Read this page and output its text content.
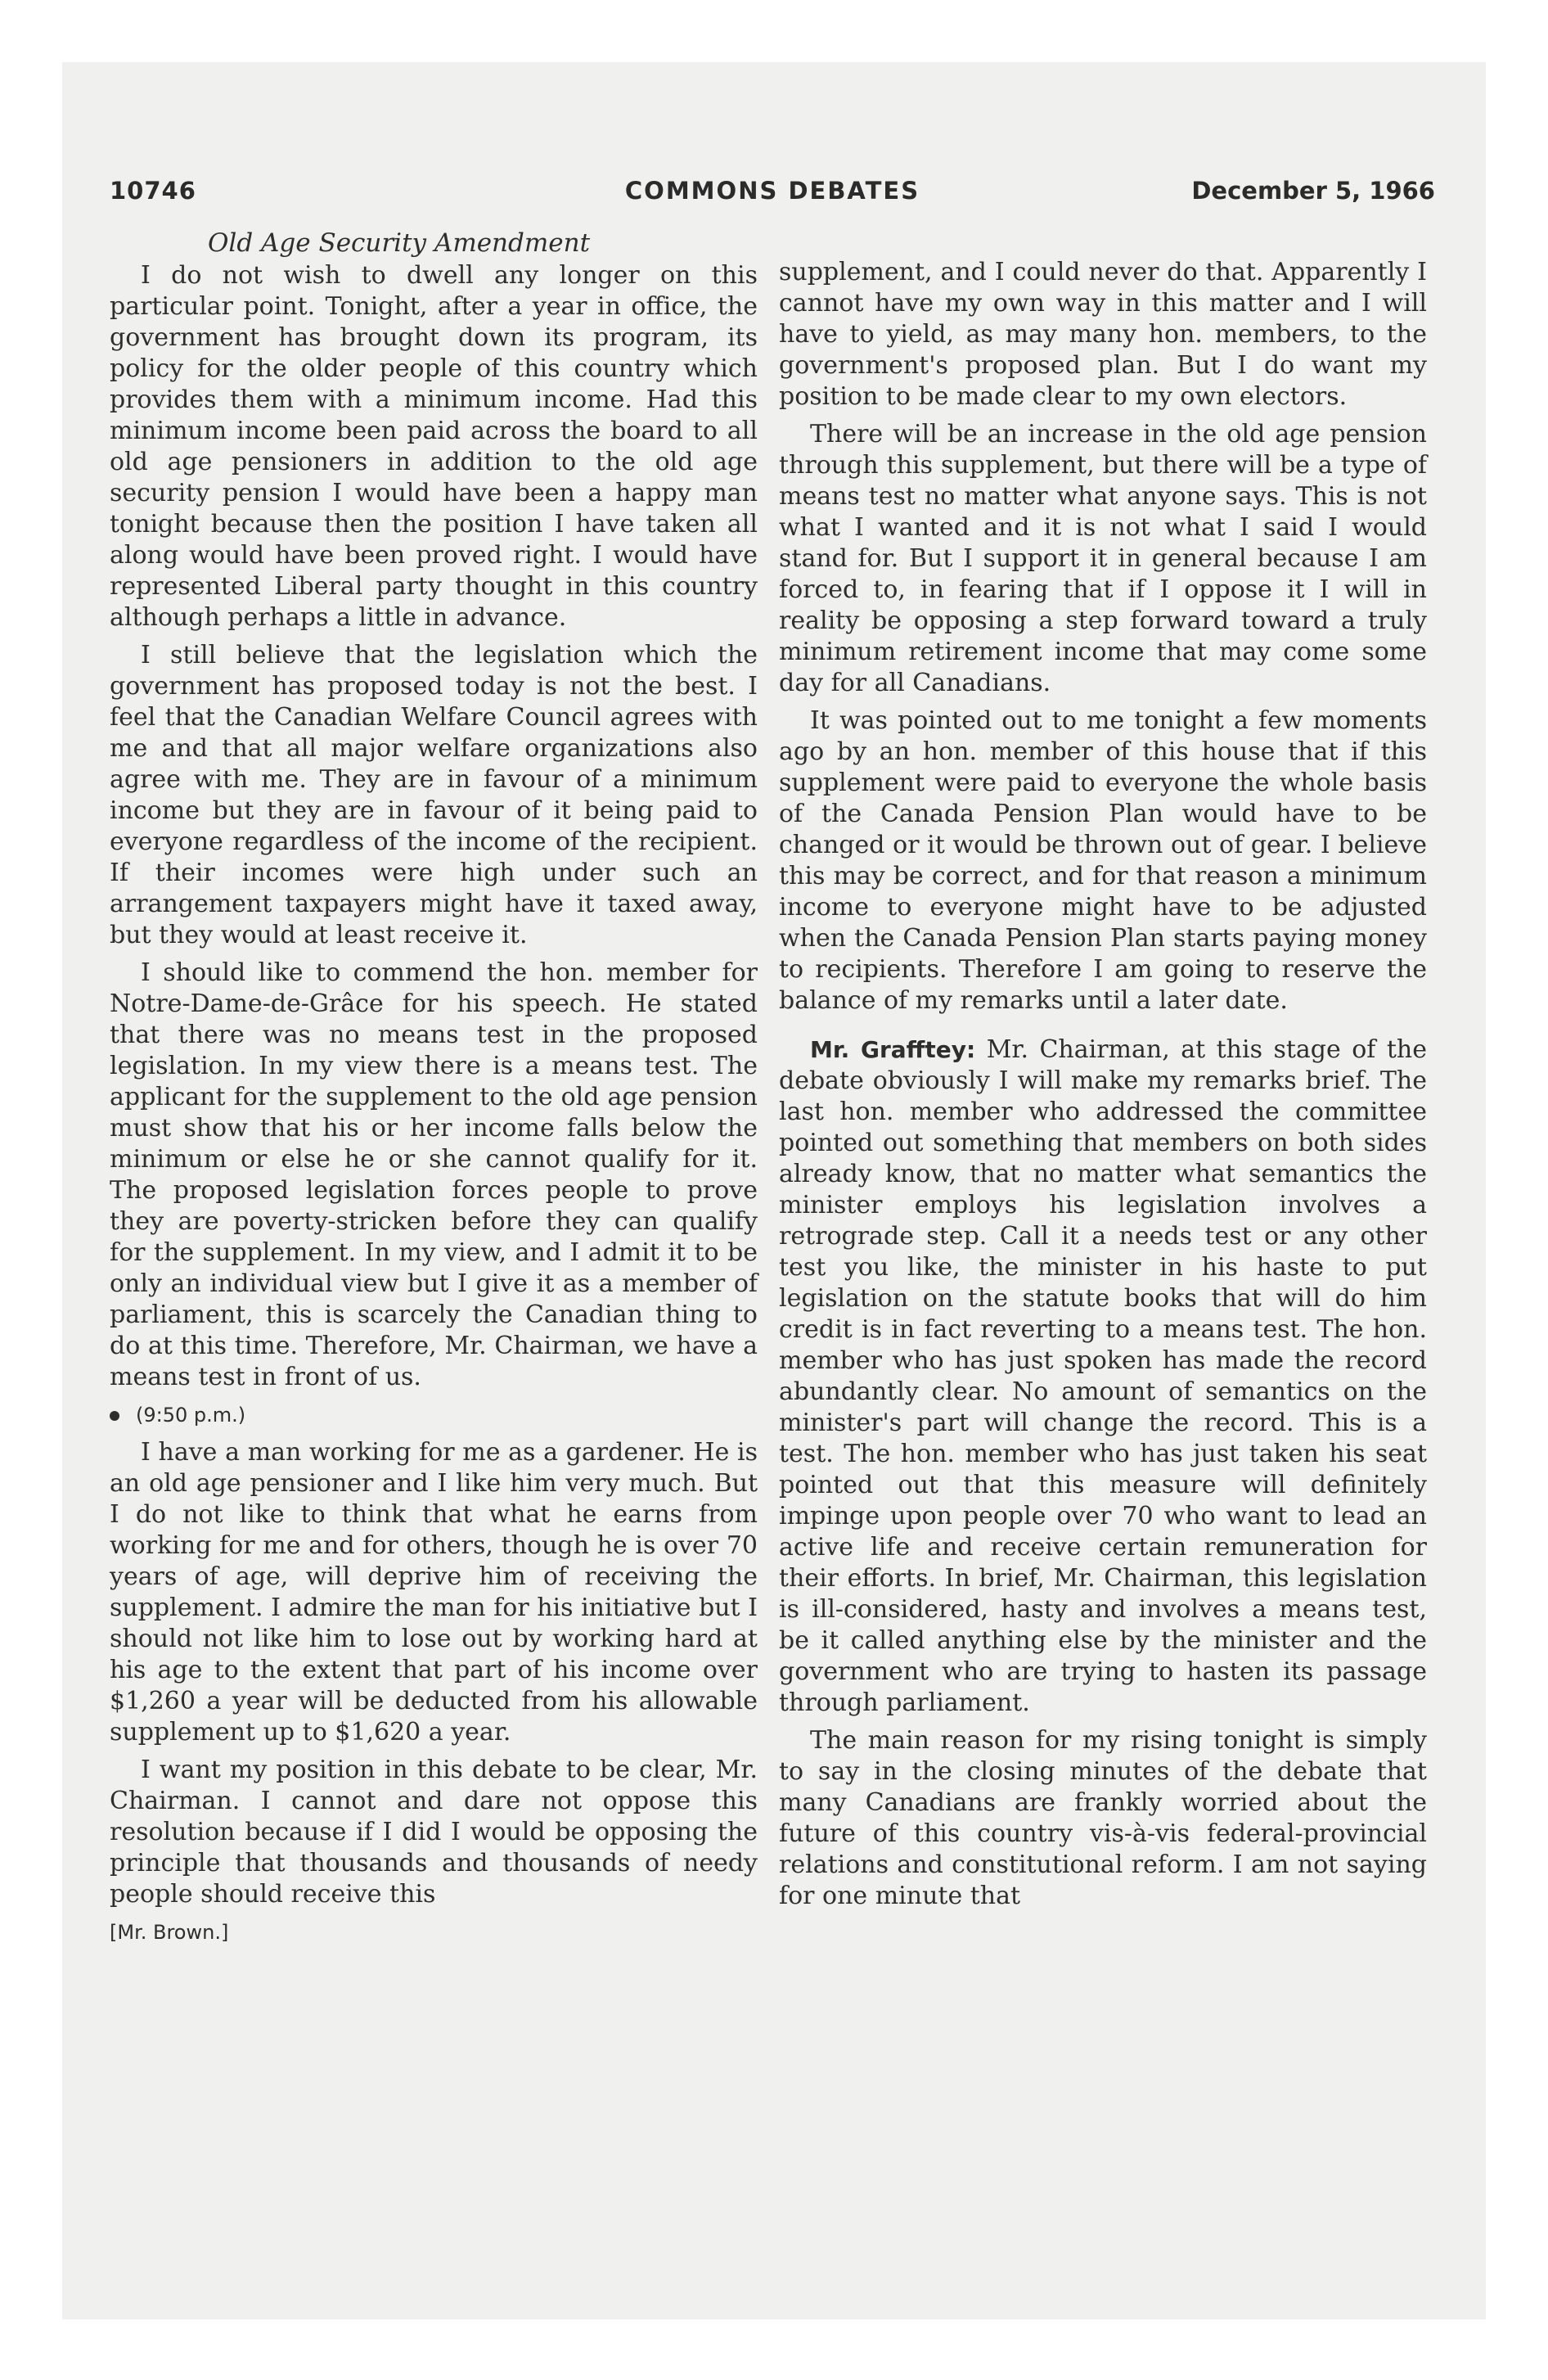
10746	COMMONS DEBATES	December 5, 1966
Old Age Security Amendment

I do not wish to dwell any longer on this particular point. Tonight, after a year in office, the government has brought down its program, its policy for the older people of this country which provides them with a minimum income. Had this minimum income been paid across the board to all old age pensioners in addition to the old age security pension I would have been a happy man tonight because then the position I have taken all along would have been proved right. I would have represented Liberal party thought in this country although perhaps a little in advance.

I still believe that the legislation which the government has proposed today is not the best. I feel that the Canadian Welfare Council agrees with me and that all major welfare organizations also agree with me. They are in favour of a minimum income but they are in favour of it being paid to everyone regardless of the income of the recipient. If their incomes were high under such an arrangement taxpayers might have it taxed away, but they would at least receive it.

I should like to commend the hon. member for Notre-Dame-de-Grâce for his speech. He stated that there was no means test in the proposed legislation. In my view there is a means test. The applicant for the supplement to the old age pension must show that his or her income falls below the minimum or else he or she cannot qualify for it. The proposed legislation forces people to prove they are poverty-stricken before they can qualify for the supplement. In my view, and I admit it to be only an individual view but I give it as a member of parliament, this is scarcely the Canadian thing to do at this time. Therefore, Mr. Chairman, we have a means test in front of us.

(9:50 p.m.)

I have a man working for me as a gardener. He is an old age pensioner and I like him very much. But I do not like to think that what he earns from working for me and for others, though he is over 70 years of age, will deprive him of receiving the supplement. I admire the man for his initiative but I should not like him to lose out by working hard at his age to the extent that part of his income over $1,260 a year will be deducted from his allowable supplement up to $1,620 a year.

I want my position in this debate to be clear, Mr. Chairman. I cannot and dare not oppose this resolution because if I did I would be opposing the principle that thousands and thousands of needy people should receive this

[Mr. Brown.]

supplement, and I could never do that. Apparently I cannot have my own way in this matter and I will have to yield, as may many hon. members, to the government's proposed plan. But I do want my position to be made clear to my own electors.

There will be an increase in the old age pension through this supplement, but there will be a type of means test no matter what anyone says. This is not what I wanted and it is not what I said I would stand for. But I support it in general because I am forced to, in fearing that if I oppose it I will in reality be opposing a step forward toward a truly minimum retirement income that may come some day for all Canadians.

It was pointed out to me tonight a few moments ago by an hon. member of this house that if this supplement were paid to everyone the whole basis of the Canada Pension Plan would have to be changed or it would be thrown out of gear. I believe this may be correct, and for that reason a minimum income to everyone might have to be adjusted when the Canada Pension Plan starts paying money to recipients. Therefore I am going to reserve the balance of my remarks until a later date.

Mr. Grafftey: Mr. Chairman, at this stage of the debate obviously I will make my remarks brief. The last hon. member who addressed the committee pointed out something that members on both sides already know, that no matter what semantics the minister employs his legislation involves a retrograde step. Call it a needs test or any other test you like, the minister in his haste to put legislation on the statute books that will do him credit is in fact reverting to a means test. The hon. member who has just spoken has made the record abundantly clear. No amount of semantics on the minister's part will change the record. This is a test. The hon. member who has just taken his seat pointed out that this measure will definitely impinge upon people over 70 who want to lead an active life and receive certain remuneration for their efforts. In brief, Mr. Chairman, this legislation is ill-considered, hasty and involves a means test, be it called anything else by the minister and the government who are trying to hasten its passage through parliament.

The main reason for my rising tonight is simply to say in the closing minutes of the debate that many Canadians are frankly worried about the future of this country vis-à-vis federal-provincial relations and constitutional reform. I am not saying for one minute that
